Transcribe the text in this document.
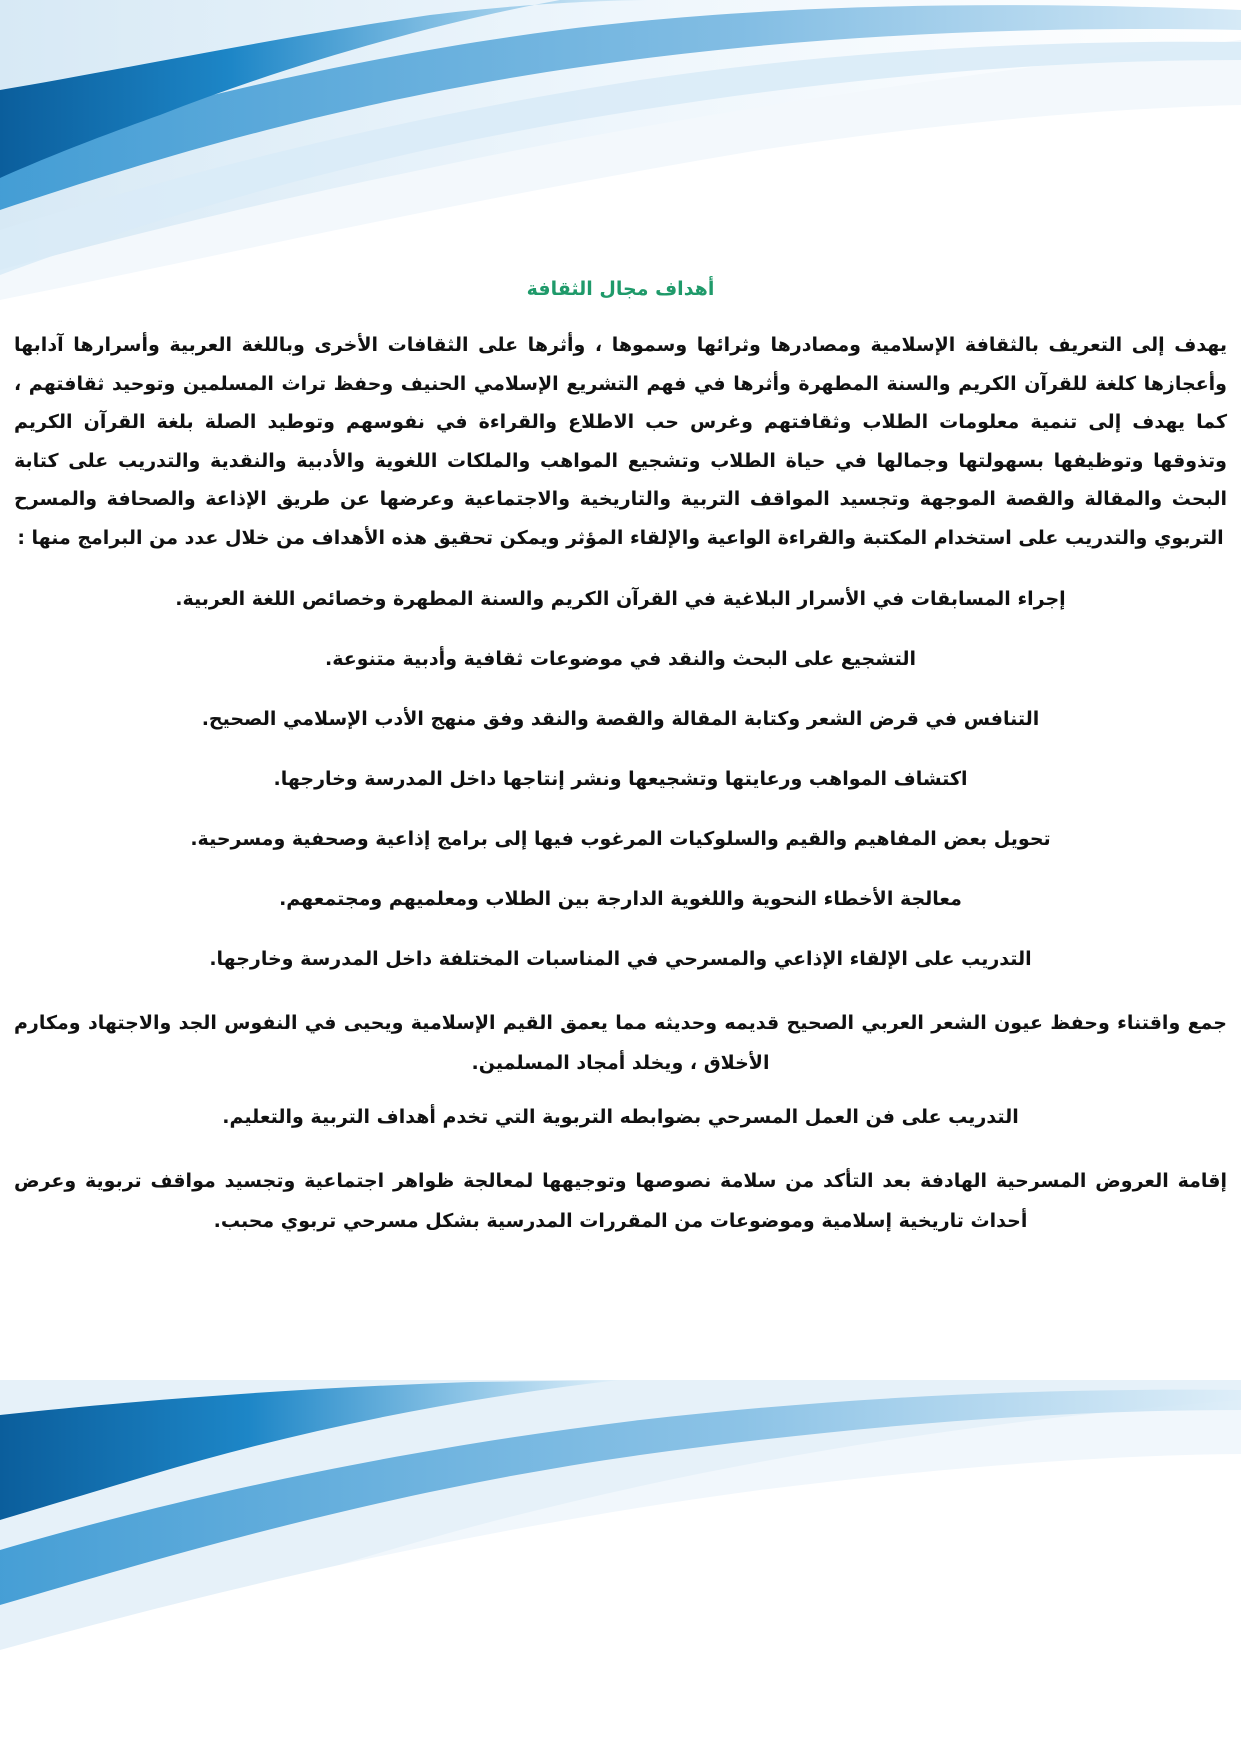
أهداف مجال الثقافة

يهدف إلى التعريف بالثقافة الإسلامية ومصادرها وثرائها وسموها ، وأثرها على الثقافات الأخرى وباللغة العربية وأسرارها آدابها وأعجازها كلغة للقرآن الكريم والسنة المطهرة وأثرها في فهم التشريع الإسلامي الحنيف وحفظ تراث المسلمين وتوحيد ثقافتهم ، كما يهدف إلى تنمية معلومات الطلاب وثقافتهم وغرس حب الاطلاع والقراءة في نفوسهم وتوطيد الصلة بلغة القرآن الكريم وتذوقها وتوظيفها بسهولتها وجمالها في حياة الطلاب وتشجيع المواهب والملكات اللغوية والأدبية والنقدية والتدريب على كتابة البحث والمقالة والقصة الموجهة وتجسيد المواقف التربية والتاريخية والاجتماعية وعرضها عن طريق الإذاعة والصحافة والمسرح التربوي والتدريب على استخدام المكتبة والقراءة الواعية والإلقاء المؤثر ويمكن تحقيق هذه الأهداف من خلال عدد من البرامج منها :

إجراء المسابقات في الأسرار البلاغية في القرآن الكريم والسنة المطهرة وخصائص اللغة العربية.
التشجيع على البحث والنقد في موضوعات ثقافية وأدبية متنوعة.
التنافس في قرض الشعر وكتابة المقالة والقصة والنقد وفق منهج الأدب الإسلامي الصحيح.
اكتشاف المواهب ورعايتها وتشجيعها ونشر إنتاجها داخل المدرسة وخارجها.
تحويل بعض المفاهيم والقيم والسلوكيات المرغوب فيها إلى برامج إذاعية وصحفية ومسرحية.
معالجة الأخطاء النحوية واللغوية الدارجة بين الطلاب ومعلميهم ومجتمعهم.
التدريب على الإلقاء الإذاعي والمسرحي في المناسبات المختلفة داخل المدرسة وخارجها.
جمع واقتناء وحفظ عيون الشعر العربي الصحيح قديمه وحديثه مما يعمق القيم الإسلامية ويحيى في النفوس الجد والاجتهاد ومكارم الأخلاق ، ويخلد أمجاد المسلمين.
التدريب على فن العمل المسرحي بضوابطه التربوية التي تخدم أهداف التربية والتعليم.
إقامة العروض المسرحية الهادفة بعد التأكد من سلامة نصوصها وتوجيهها لمعالجة ظواهر اجتماعية وتجسيد مواقف تربوية وعرض أحداث تاريخية إسلامية وموضوعات من المقررات المدرسية بشكل مسرحي تربوي محبب.
